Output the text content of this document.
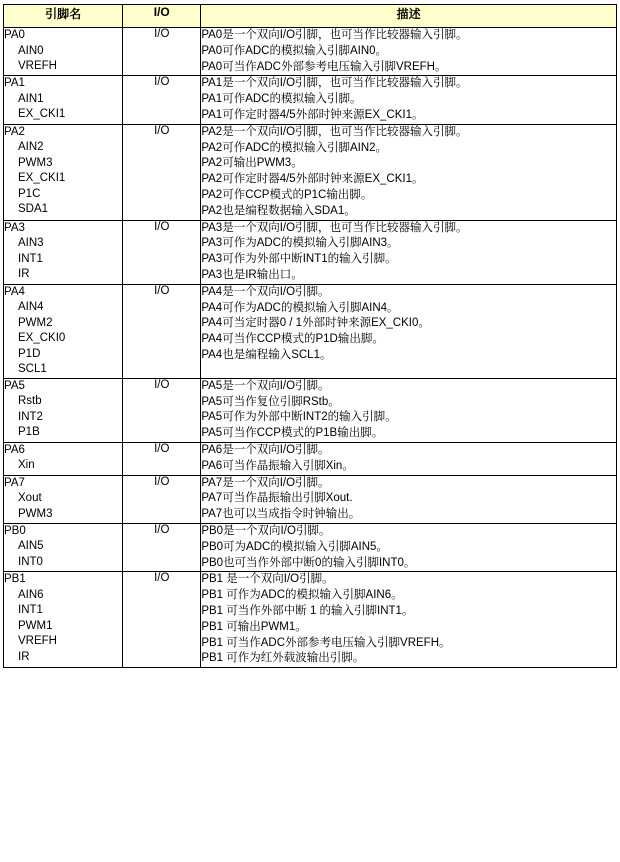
引脚名	I/O	描述

PA0
AIN0
VREFH	I/O	PA0是一个双向I/O引脚，也可当作比较器输入引脚。
PA0可作ADC的模拟输入引脚AIN0。
PA0可当作ADC外部参考电压输入引脚VREFH。

PA1
AIN1
EX_CKI1	I/O	PA1是一个双向I/O引脚，也可当作比较器输入引脚。
PA1可作ADC的模拟输入引脚。
PA1可作定时器4/5外部时钟来源EX_CKI1。

PA2
AIN2
PWM3
EX_CKI1
P1C
SDA1
	I/O	PA2是一个双向I/O引脚，也可当作比较器输入引脚。
PA2可作ADC的模拟输入引脚AIN2。
PA2可输出PWM3。
PA2可作定时器4/5外部时钟来源EX_CKI1。
PA2可作CCP模式的P1C输出脚。
PA2也是编程数据输入SDA1。

PA3
AIN3
INT1
IR	I/O	PA3是一个双向I/O引脚，也可当作比较器输入引脚。
PA3可作为ADC的模拟输入引脚AIN3。
PA3可作为外部中断INT1的输入引脚。
PA3也是IR输出口。

PA4
AIN4
PWM2
EX_CKI0
P1D
SCL1
	I/O	PA4是一个双向I/O引脚。
PA4可作为ADC的模拟输入引脚AIN4。
PA4可当定时器0 / 1外部时钟来源EX_CKI0。
PA4可当作CCP模式的P1D输出脚。
PA4也是编程输入SCL1。

PA5
Rstb
INT2
P1B	I/O	PA5是一个双向I/O引脚。
PA5可当作复位引脚RStb。
PA5可作为外部中断INT2的输入引脚。
PA5可当作CCP模式的P1B输出脚。

PA6
Xin	I/O	PA6是一个双向I/O引脚。
PA6可当作晶振输入引脚Xin。

PA7
Xout
PWM3	I/O	PA7是一个双向I/O引脚。
PA7可当作晶振输出引脚Xout.
PA7也可以当成指令时钟输出。

PB0
AIN5
INT0	I/O	PB0是一个双向I/O引脚。
PB0可为ADC的模拟输入引脚AIN5。
PB0也可当作外部中断0的输入引脚INT0。

PB1
AIN6
INT1
PWM1
VREFH
IR
	I/O	PB1 是一个双向I/O引脚。
PB1 可作为ADC的模拟输入引脚AIN6。
PB1 可当作外部中断 1 的输入引脚INT1。
PB1 可输出PWM1。
PB1 可当作ADC外部参考电压输入引脚VREFH。
PB1 可作为红外载波输出引脚。
